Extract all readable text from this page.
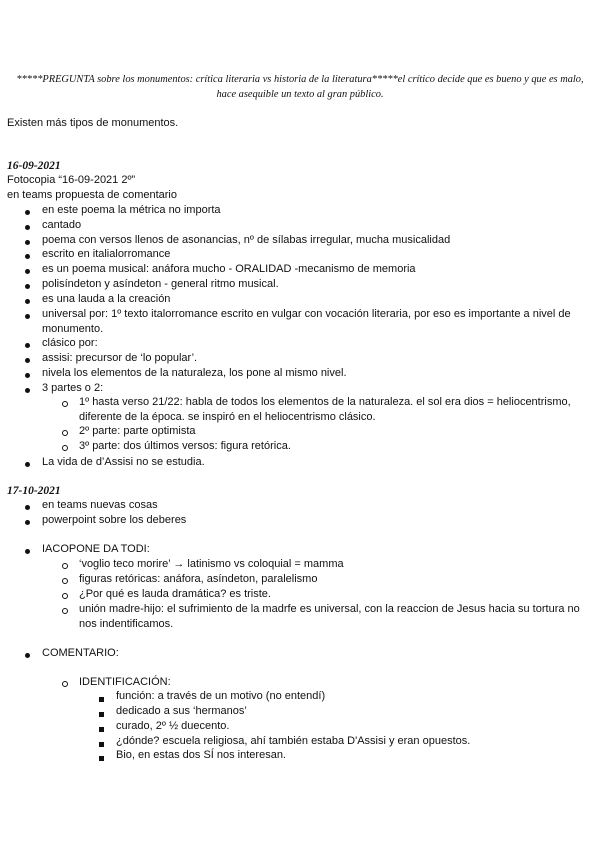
*****PREGUNTA sobre los monumentos: crítica literaria vs historia de la literatura*****el crítico decide que es bueno y que es malo, hace asequible un texto al gran público.
Existen más tipos de monumentos.
16-09-2021
Fotocopia “16-09-2021 2º”
en teams propuesta de comentario
en este poema la métrica no importa
cantado
poema con versos llenos de asonancias, nº de sílabas irregular, mucha musicalidad
escrito en italialorromance
es un poema musical: anáfora mucho - ORALIDAD -mecanismo de memoria
polisíndeton y asíndeton - general ritmo musical.
es una lauda a la creación
universal por: 1º texto italorromance escrito en vulgar con vocación literaria, por eso es importante a nivel de monumento.
clásico por:
assisi: precursor de ‘lo popular’.
nivela los elementos de la naturaleza, los pone al mismo nivel.
3 partes o 2:
1º hasta verso 21/22: habla de todos los elementos de la naturaleza. el sol era dios = heliocentrismo, diferente de la época. se inspiró en el heliocentrismo clásico.
2º parte: parte optimista
3º parte: dos últimos versos: figura retórica.
La vida de d’Assisi no se estudia.
17-10-2021
en teams nuevas cosas
powerpoint sobre los deberes
IACOPONE DA TODI:
‘voglio teco morire’ → latinismo vs coloquial = mamma
figuras retóricas: anáfora, asíndeton, paralelismo
¿Por qué es lauda dramática? es triste.
unión madre-hijo: el sufrimiento de la madrfe es universal, con la reaccion de Jesus hacia su tortura no nos indentificamos.
COMENTARIO:
IDENTIFICACIÓN:
función: a través de un motivo (no entendí)
dedicado a sus ‘hermanos’
curado, 2º ½ duecento.
¿dónde? escuela religiosa, ahí también estaba D'Assisi y eran opuestos.
Bio, en estas dos SÍ nos interesan.
